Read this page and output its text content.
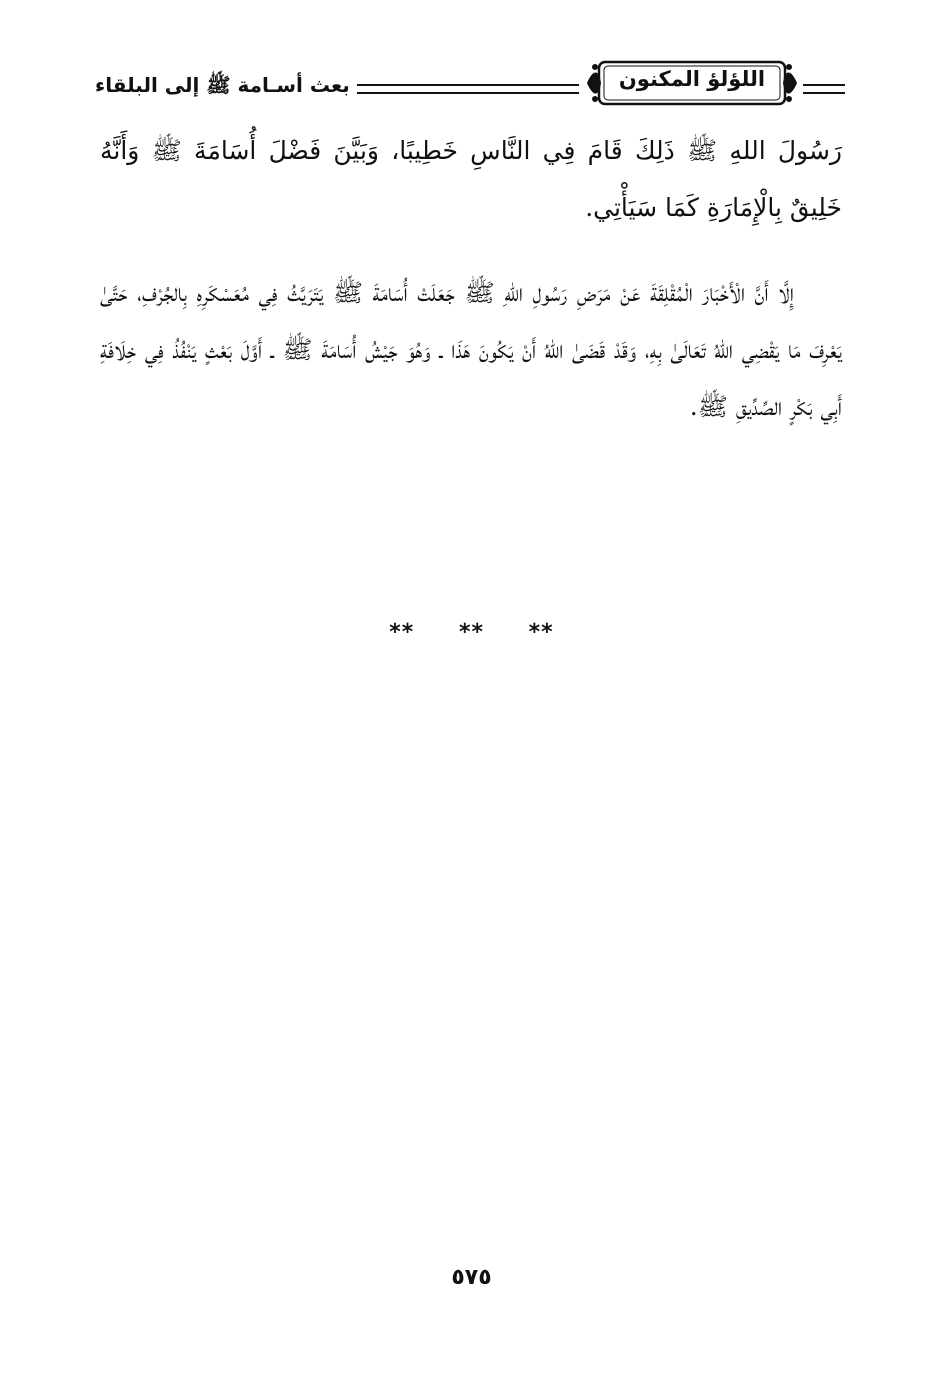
بعث أسـامة ﷺ إلى البلقاء	اللؤلؤ المكنون

رَسُولَ اللهِ ﷺ ذَلِكَ قَامَ فِي النَّاسِ خَطِيبًا، وَبَيَّنَ فَضْلَ أُسَامَةَ ﷺ وَأَنَّهُ خَلِيقٌ بِالْإِمَارَةِ كَمَا سَيَأْتِي.

إِلَّا أَنَّ الْأَخْبَارَ الْمُقْلِقَةَ عَنْ مَرَضِ رَسُولِ اللهِ ﷺ جَعَلَتْ أُسَامَةَ ﷺ يَتَرَيَّثُ فِي مُعَسْكَرِهِ بِالجُرْفِ، حَتَّىٰ يَعْرِفَ مَا يَقْضِي اللهُ تَعَالَىٰ بِهِ، وَقَدْ قَضَىٰ اللهُ أَنْ يَكُونَ هَذَا ـ وَهُوَ جَيْشُ أُسَامَةَ ﷺ ـ أَوَّلَ بَعْثٍ يَنْفُذُ فِي خِلَافَةِ أَبِي بَكْرٍ الصِّدِّيقِ ﷺ.

** ** **
٥٧٥
